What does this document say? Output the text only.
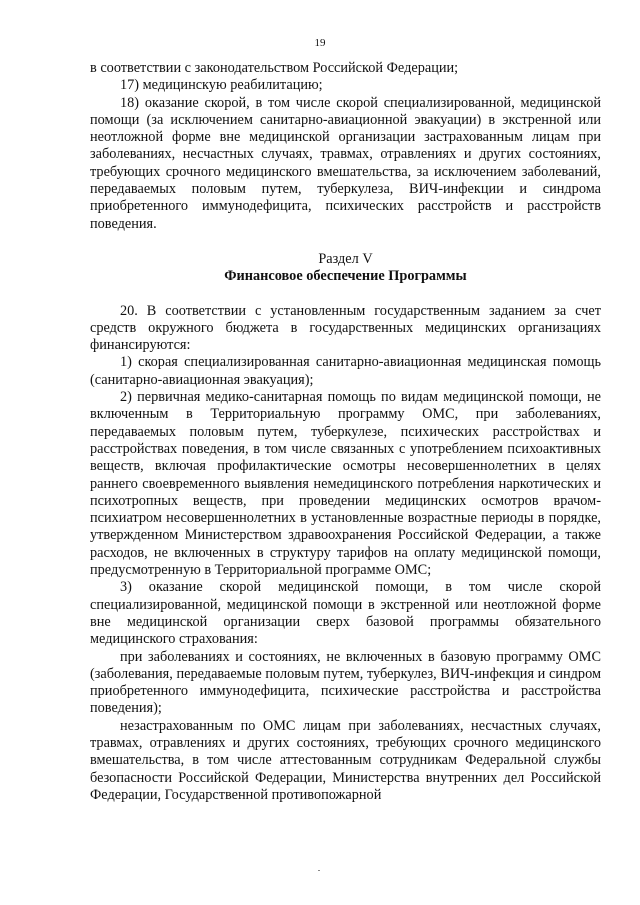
19

в соответствии с законодательством Российской Федерации;

17) медицинскую реабилитацию;

18) оказание скорой, в том числе скорой специализированной, медицинской помощи (за исключением санитарно-авиационной эвакуации) в экстренной или неотложной форме вне медицинской организации застрахованным лицам при заболеваниях, несчастных случаях, травмах, отравлениях и других состояниях, требующих срочного медицинского вмешательства, за исключением заболеваний, передаваемых половым путем, туберкулеза, ВИЧ-инфекции и синдрома приобретенного иммунодефицита, психических расстройств и расстройств поведения.

Раздел V

Финансовое обеспечение Программы

20. В соответствии с установленным государственным заданием за счет средств окружного бюджета в государственных медицинских организациях финансируются:

1) скорая специализированная санитарно-авиационная медицинская помощь (санитарно-авиационная эвакуация);

2) первичная медико-санитарная помощь по видам медицинской помощи, не включенным в Территориальную программу ОМС, при заболеваниях, передаваемых половым путем, туберкулезе, психических расстройствах и расстройствах поведения, в том числе связанных с употреблением психоактивных веществ, включая профилактические осмотры несовершеннолетних в целях раннего своевременного выявления немедицинского потребления наркотических и психотропных веществ, при проведении медицинских осмотров врачом-психиатром несовершеннолетних в установленные возрастные периоды в порядке, утвержденном Министерством здравоохранения Российской Федерации, а также расходов, не включенных в структуру тарифов на оплату медицинской помощи, предусмотренную в Территориальной программе ОМС;

3) оказание скорой медицинской помощи, в том числе скорой специализированной, медицинской помощи в экстренной или неотложной форме вне медицинской организации сверх базовой программы обязательного медицинского страхования:

при заболеваниях и состояниях, не включенных в базовую программу ОМС (заболевания, передаваемые половым путем, туберкулез, ВИЧ-инфекция и синдром приобретенного иммунодефицита, психические расстройства и расстройства поведения);

незастрахованным по ОМС лицам при заболеваниях, несчастных случаях, травмах, отравлениях и других состояниях, требующих срочного медицинского вмешательства, в том числе аттестованным сотрудникам Федеральной службы безопасности Российской Федерации, Министерства внутренних дел Российской Федерации, Государственной противопожарной
